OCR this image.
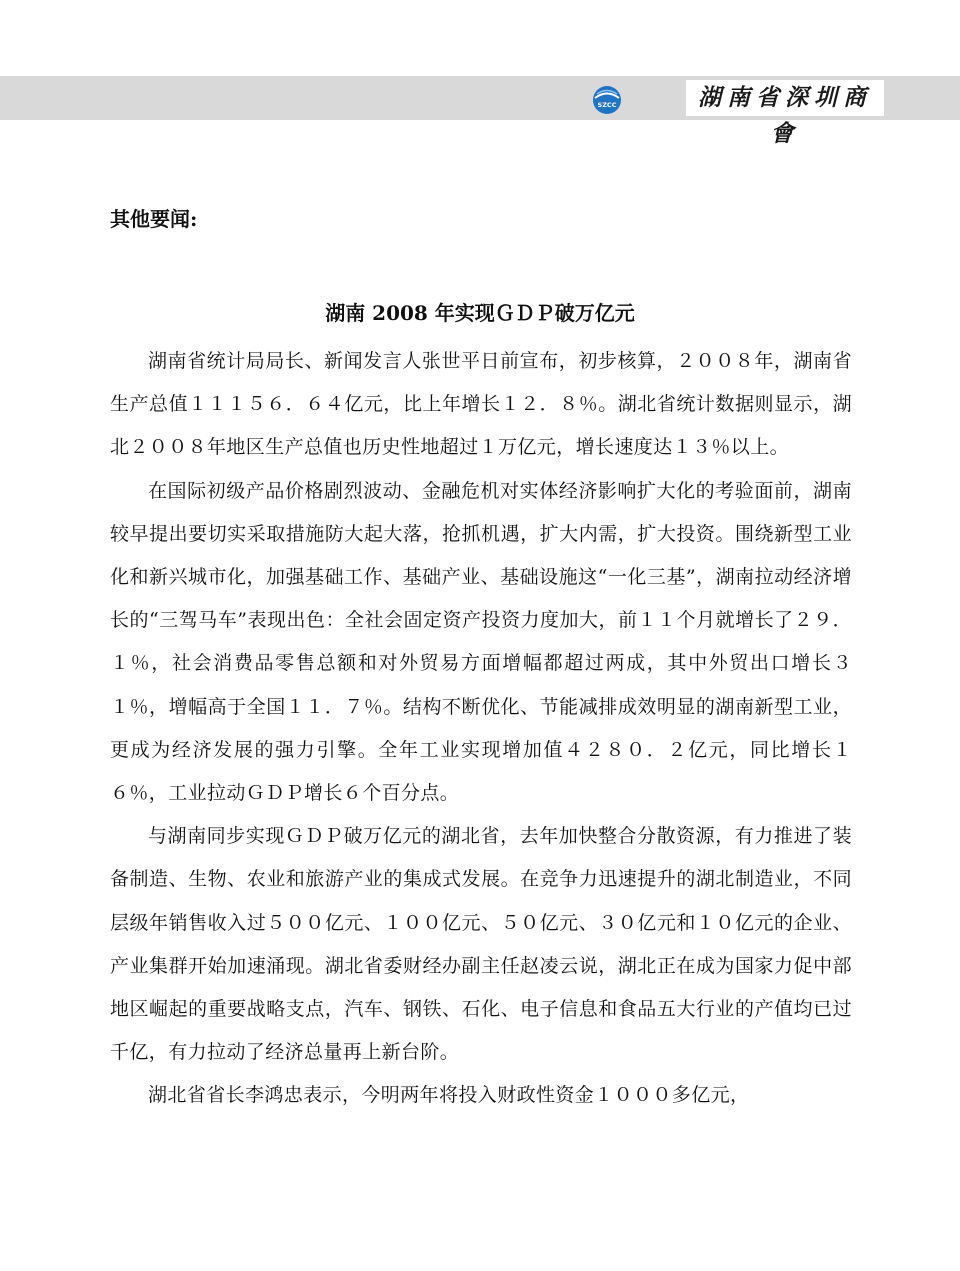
SZCC	湖南省深圳商會
其他要闻:
湖南 2008 年实现ＧＤＰ破万亿元

湖南省统计局局长、新闻发言人张世平日前宣布，初步核算，２００８年，湖南省生产总值１１１５６．６４亿元，比上年增长１２．８％。湖北省统计数据则显示，湖北２００８年地区生产总值也历史性地超过１万亿元，增长速度达１３％以上。

在国际初级产品价格剧烈波动、金融危机对实体经济影响扩大化的考验面前，湖南较早提出要切实采取措施防大起大落，抢抓机遇，扩大内需，扩大投资。围绕新型工业化和新兴城市化，加强基础工作、基础产业、基础设施这“一化三基”，湖南拉动经济增长的“三驾马车”表现出色：全社会固定资产投资力度加大，前１１个月就增长了２９．１％，社会消费品零售总额和对外贸易方面增幅都超过两成，其中外贸出口增长３１％，增幅高于全国１１．７％。结构不断优化、节能减排成效明显的湖南新型工业，更成为经济发展的强力引擎。全年工业实现增加值４２８０．２亿元，同比增长１６％，工业拉动ＧＤＰ增长６个百分点。

与湖南同步实现ＧＤＰ破万亿元的湖北省，去年加快整合分散资源，有力推进了装备制造、生物、农业和旅游产业的集成式发展。在竞争力迅速提升的湖北制造业，不同层级年销售收入过５００亿元、１００亿元、５０亿元、３０亿元和１０亿元的企业、产业集群开始加速涌现。湖北省委财经办副主任赵凌云说，湖北正在成为国家力促中部地区崛起的重要战略支点，汽车、钢铁、石化、电子信息和食品五大行业的产值均已过千亿，有力拉动了经济总量再上新台阶。

湖北省省长李鸿忠表示，今明两年将投入财政性资金１０００多亿元，
